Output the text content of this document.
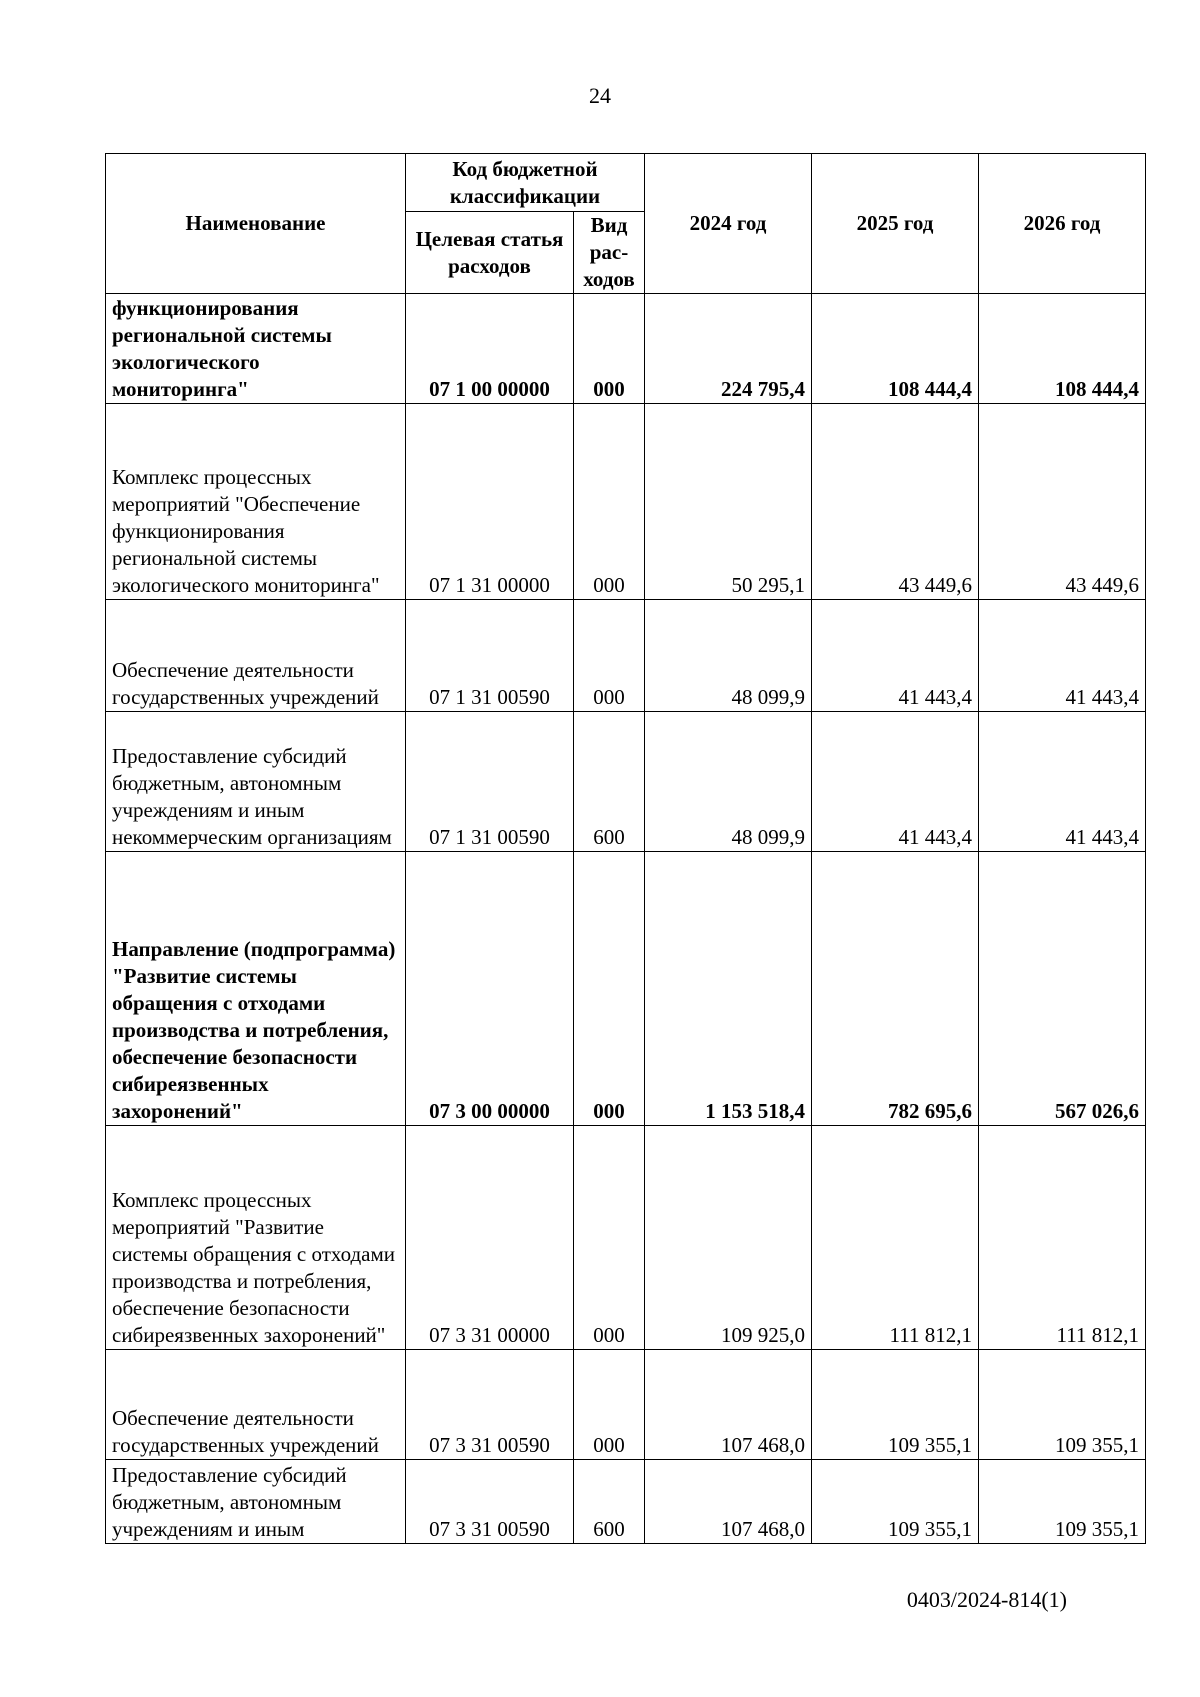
24
Наименование	Код бюджетной классификации		2024 год	2025 год	2026 год
	Целевая статья расходов	Вид рас-ходов			
функционирования региональной системы экологического мониторинга"	07 1 00 00000	000	224 795,4	108 444,4	108 444,4
Комплекс процессных мероприятий "Обеспечение функционирования региональной системы экологического мониторинга"	07 1 31 00000	000	50 295,1	43 449,6	43 449,6
Обеспечение деятельности государственных учреждений	07 1 31 00590	000	48 099,9	41 443,4	41 443,4
Предоставление субсидий бюджетным, автономным учреждениям и иным некоммерческим организациям	07 1 31 00590	600	48 099,9	41 443,4	41 443,4
Направление (подпрограмма) "Развитие системы обращения с отходами производства и потребления, обеспечение безопасности сибиреязвенных захоронений"	07 3 00 00000	000	1 153 518,4	782 695,6	567 026,6
Комплекс процессных мероприятий "Развитие системы обращения с отходами производства и потребления, обеспечение безопасности сибиреязвенных захоронений"	07 3 31 00000	000	109 925,0	111 812,1	111 812,1
Обеспечение деятельности государственных учреждений	07 3 31 00590	000	107 468,0	109 355,1	109 355,1
Предоставление субсидий бюджетным, автономным учреждениям и иным	07 3 31 00590	600	107 468,0	109 355,1	109 355,1
0403/2024-814(1)
